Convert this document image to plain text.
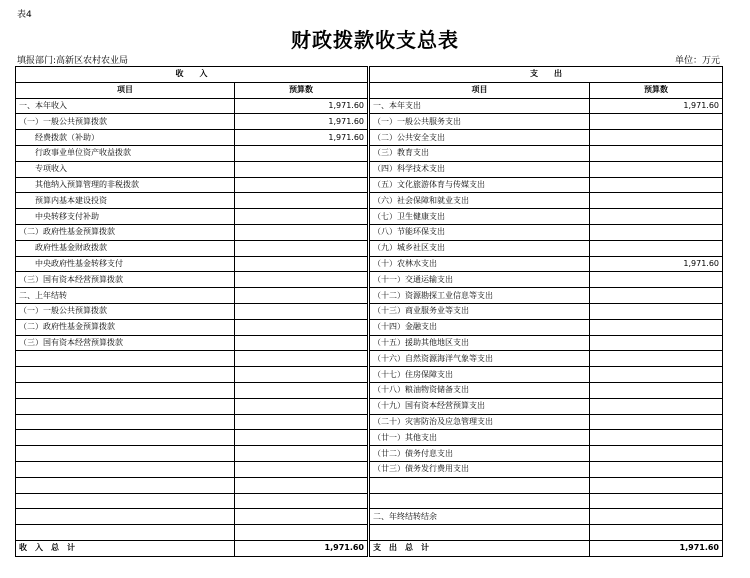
表4
财政拨款收支总表
填报部门:高新区农村农业局	单位：万元
收　　入		支　　出	
项目	预算数	项目	预算数
一、本年收入	1,971.60	一、本年支出	1,971.60
（一）一般公共预算拨款	1,971.60	（一）一般公共服务支出	
　　经费拨款（补助）	1,971.60	（二）公共安全支出	
　　行政事业单位资产收益拨款		（三）教育支出	
　　专项收入		（四）科学技术支出	
　　其他纳入预算管理的非税拨款		（五）文化旅游体育与传媒支出	
　　预算内基本建设投资		（六）社会保障和就业支出	
　　中央转移支付补助		（七）卫生健康支出	
（二）政府性基金预算拨款		（八）节能环保支出	
　　政府性基金财政拨款		（九）城乡社区支出	
　　中央政府性基金转移支付		（十）农林水支出	1,971.60
（三）国有资本经营预算拨款		（十一）交通运输支出	
二、上年结转		（十二）资源勘探工业信息等支出	
（一）一般公共预算拨款		（十三）商业服务业等支出	
（二）政府性基金预算拨款		（十四）金融支出	
（三）国有资本经营预算拨款		（十五）援助其他地区支出	
		（十六）自然资源海洋气象等支出	
		（十七）住房保障支出	
		（十八）粮油物资储备支出	
		（十九）国有资本经营预算支出	
		（二十）灾害防治及应急管理支出	
		（廿一）其他支出	
		（廿二）债务付息支出	
		（廿三）债务发行费用支出	

		二、年终结转结余	

收　入　总　计	1,971.60	支　出　总　计	1,971.60
